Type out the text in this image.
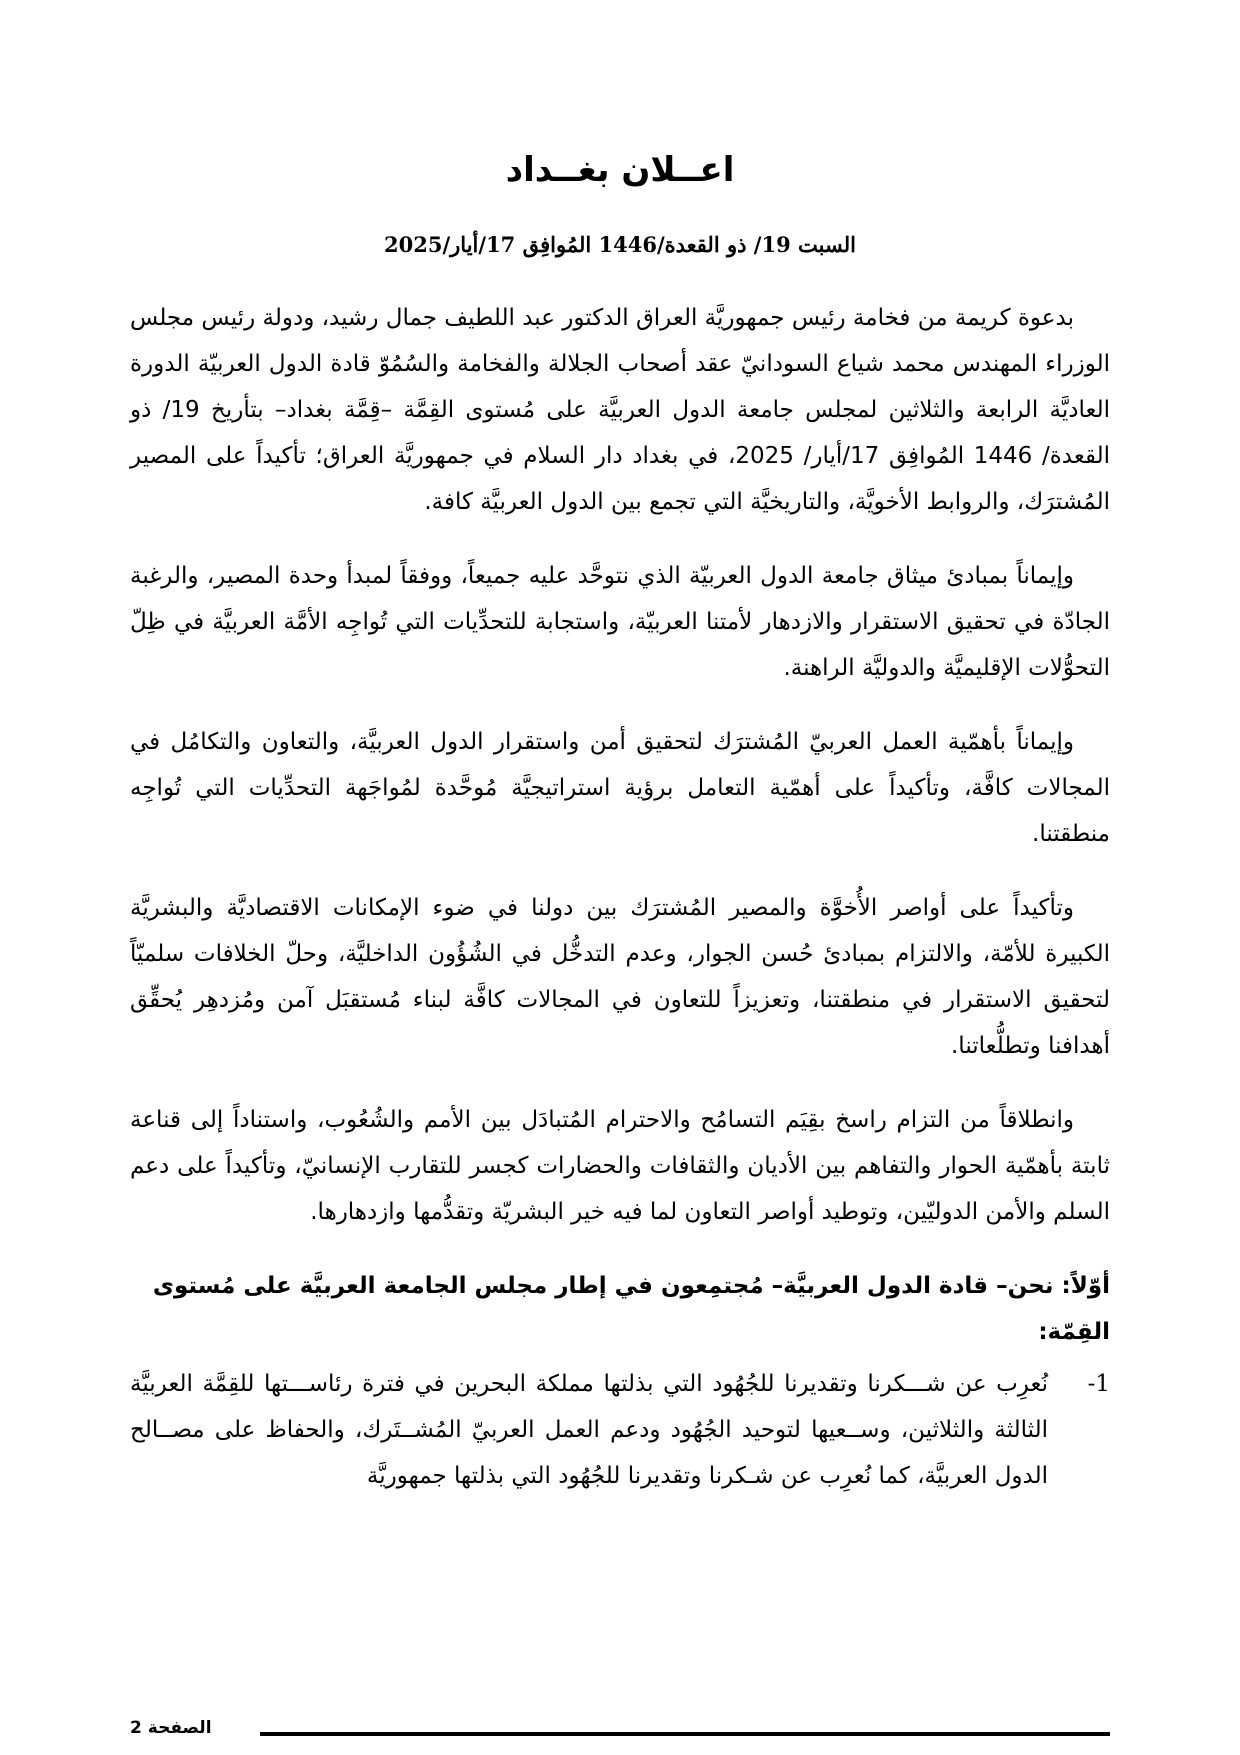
اعــلان بغــداد
السبت 19/ ذو القعدة/1446 المُوافِق 17/أيار/2025

بدعوة كريمة من فخامة رئيس جمهوريَّة العراق الدكتور عبد اللطيف جمال رشيد، ودولة رئيس مجلس الوزراء المهندس محمد شياع السودانيّ عقد أصحاب الجلالة والفخامة والسُمُوّ قادة الدول العربيّة الدورة العاديَّة الرابعة والثلاثين لمجلس جامعة الدول العربيَّة على مُستوى القِمَّة –قِمَّة بغداد– بتأريخ 19/ ذو القعدة/ 1446 المُوافِق 17/أيار/ 2025، في بغداد دار السلام في جمهوريَّة العراق؛ تأكيداً على المصير المُشترَك، والروابط الأخويَّة، والتاريخيَّة التي تجمع بين الدول العربيَّة كافة.

وإيماناً بمبادئ ميثاق جامعة الدول العربيّة الذي نتوحَّد عليه جميعاً، ووفقاً لمبدأ وحدة المصير، والرغبة الجادّة في تحقيق الاستقرار والازدهار لأمتنا العربيّة، واستجابة للتحدِّيات التي تُواجِه الأمَّة العربيَّة في ظِلّ التحوُّلات الإقليميَّة والدوليَّة الراهنة.

وإيماناً بأهمّية العمل العربيّ المُشترَك لتحقيق أمن واستقرار الدول العربيَّة، والتعاون والتكامُل في المجالات كافَّة، وتأكيداً على أهمّية التعامل برؤية استراتيجيَّة مُوحَّدة لمُواجَهة التحدِّيات التي تُواجِه منطقتنا.

وتأكيداً على أواصر الأُخوَّة والمصير المُشترَك بين دولنا في ضوء الإمكانات الاقتصاديَّة والبشريَّة الكبيرة للأمّة، والالتزام بمبادئ حُسن الجوار، وعدم التدخُّل في الشُؤُون الداخليَّة، وحلّ الخلافات سلميّاً لتحقيق الاستقرار في منطقتنا، وتعزيزاً للتعاون في المجالات كافَّة لبناء مُستقبَل آمن ومُزدهِر يُحقِّق أهدافنا وتطلُّعاتنا.

وانطلاقاً من التزام راسخ بقِيَم التسامُح والاحترام المُتبادَل بين الأمم والشُعُوب، واستناداً إلى قناعة ثابتة بأهمّية الحوار والتفاهم بين الأديان والثقافات والحضارات كجسر للتقارب الإنسانيّ، وتأكيداً على دعم السلم والأمن الدوليّين، وتوطيد أواصر التعاون لما فيه خير البشريّة وتقدُّمها وازدهارها.

أوّلاً: نحن– قادة الدول العربيَّة– مُجتمِعون في إطار مجلس الجامعة العربيَّة على مُستوى القِمّة:
-1
نُعرِب عن شـــكرنا وتقديرنا للجُهُود التي بذلتها مملكة البحرين في فترة رئاســـتها للقِمَّة العربيَّة الثالثة والثلاثين، وســعيها لتوحيد الجُهُود ودعم العمل العربيّ المُشــتَرك، والحفاظ على مصــالح الدول العربيَّة، كما نُعرِب عن شـكرنا وتقديرنا للجُهُود التي بذلتها جمهوريَّة
الصفحة 2
